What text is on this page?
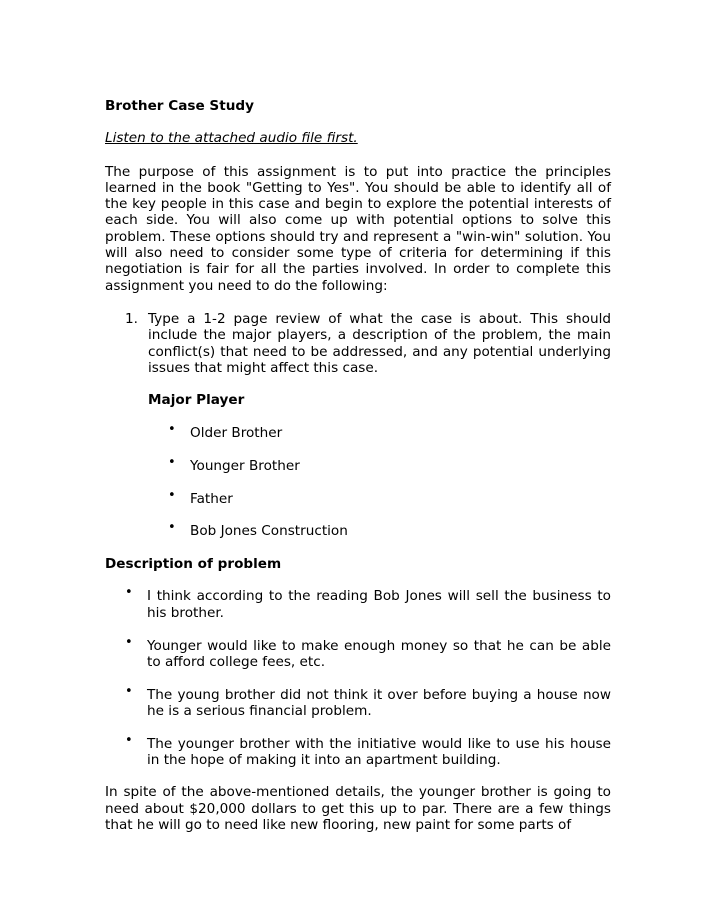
Brother Case Study

Listen to the attached audio file first.

The purpose of this assignment is to put into practice the principles learned in the book "Getting to Yes". You should be able to identify all of the key people in this case and begin to explore the potential interests of each side. You will also come up with potential options to solve this problem. These options should try and represent a "win-win" solution. You will also need to consider some type of criteria for determining if this negotiation is fair for all the parties involved. In order to complete this assignment you need to do the following:

1. Type a 1-2 page review of what the case is about. This should include the major players, a description of the problem, the main conflict(s) that need to be addressed, and any potential underlying issues that might affect this case.

Major Player

• Older Brother
• Younger Brother
• Father
• Bob Jones Construction

Description of problem

• I think according to the reading Bob Jones will sell the business to his brother.
• Younger would like to make enough money so that he can be able to afford college fees, etc.
• The young brother did not think it over before buying a house now he is a serious financial problem.
• The younger brother with the initiative would like to use his house in the hope of making it into an apartment building.

In spite of the above-mentioned details, the younger brother is going to need about $20,000 dollars to get this up to par. There are a few things that he will go to need like new flooring, new paint for some parts of
